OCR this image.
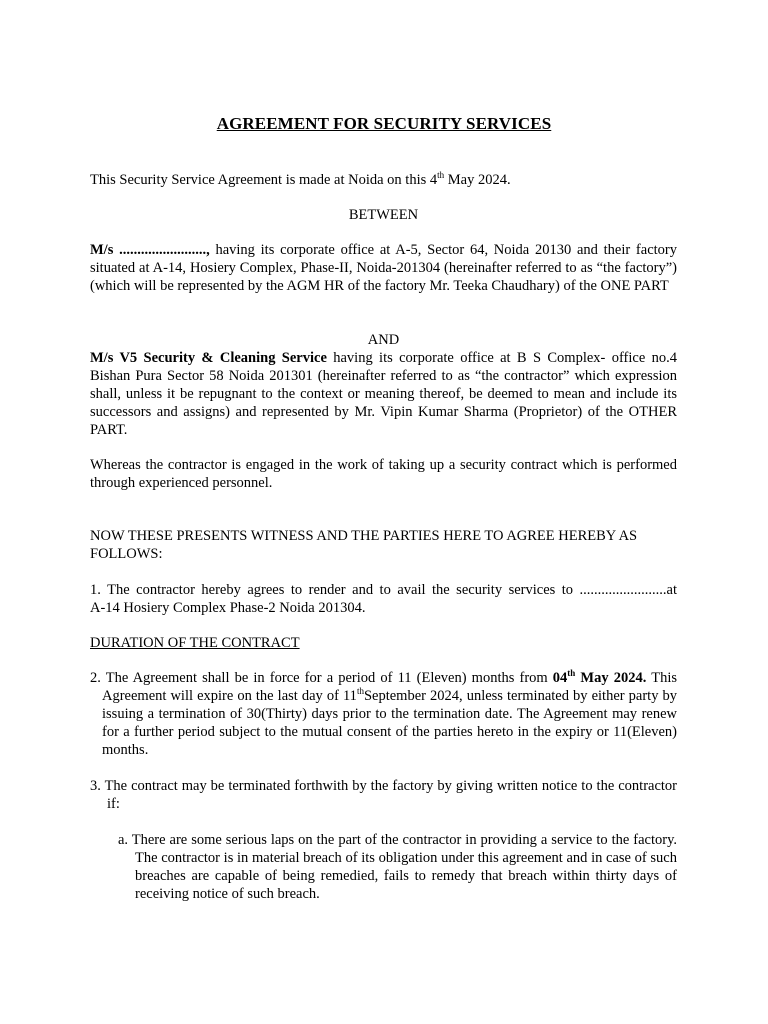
AGREEMENT FOR SECURITY SERVICES
This Security Service Agreement is made at Noida on this 4th May 2024.
BETWEEN
M/s ........................, having its corporate office at A-5, Sector 64, Noida 20130 and their factory situated at A-14, Hosiery Complex, Phase-II, Noida-201304 (hereinafter referred to as “the factory”) (which will be represented by the AGM HR of the factory Mr. Teeka Chaudhary) of the ONE PART
AND
M/s V5 Security & Cleaning Service having its corporate office at B S Complex- office no.4 Bishan Pura Sector 58 Noida 201301 (hereinafter referred to as “the contractor” which expression shall, unless it be repugnant to the context or meaning thereof, be deemed to mean and include its successors and assigns) and represented by Mr. Vipin Kumar Sharma (Proprietor) of the OTHER PART.
Whereas the contractor is engaged in the work of taking up a security contract which is performed through experienced personnel.
NOW THESE PRESENTS WITNESS AND THE PARTIES HERE TO AGREE HEREBY AS FOLLOWS:
1. The contractor hereby agrees to render and to avail the security services to ........................at
A-14 Hosiery Complex Phase-2 Noida 201304.
DURATION OF THE CONTRACT
2. The Agreement shall be in force for a period of 11 (Eleven) months from 04th May 2024. This Agreement will expire on the last day of 11thSeptember 2024, unless terminated by either party by issuing a termination of 30(Thirty) days prior to the termination date. The Agreement may renew for a further period subject to the mutual consent of the parties hereto in the expiry or 11(Eleven) months.
3. The contract may be terminated forthwith by the factory by giving written notice to the contractor if:
a. There are some serious laps on the part of the contractor in providing a service to the factory. The contractor is in material breach of its obligation under this agreement and in case of such breaches are capable of being remedied, fails to remedy that breach within thirty days of receiving notice of such breach.
